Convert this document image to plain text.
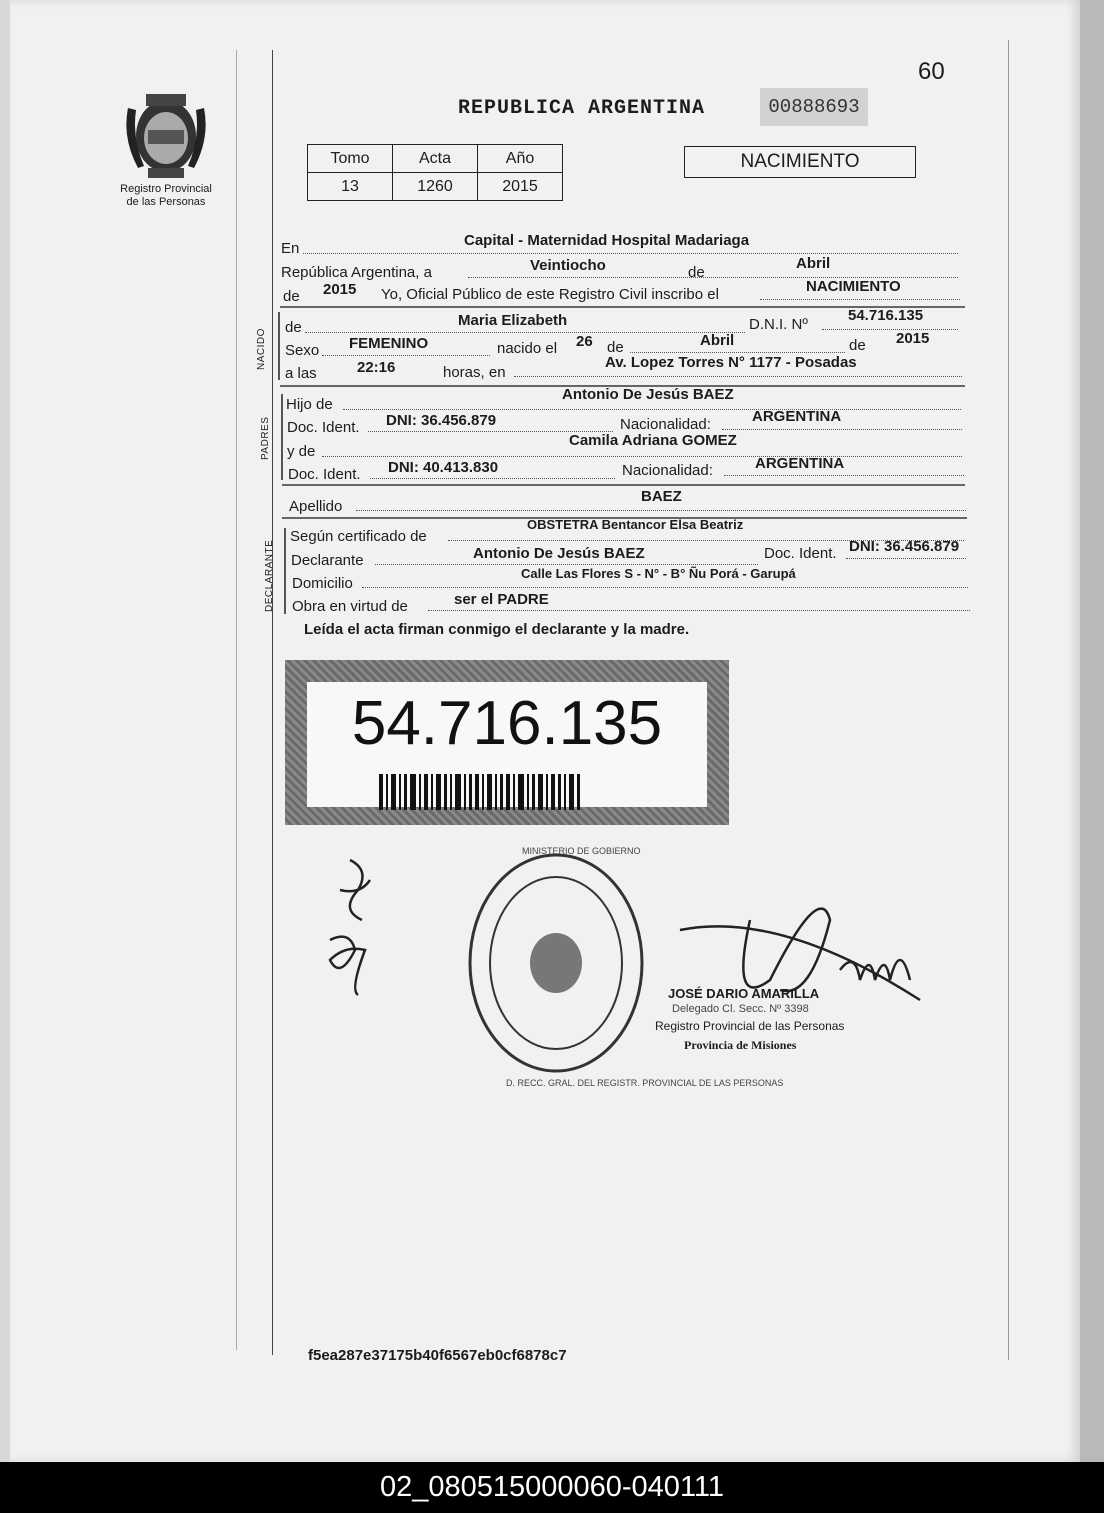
60
Registro Provincial
de las Personas
REPUBLICA ARGENTINA	00888693
Tomo	Acta	Año
13	1260	2015
NACIMIENTO
En	Capital - Maternidad Hospital Madariaga
República Argentina, a	Veintiocho	de
Abril
de 2015 Yo, Oficial Público de este Registro Civil inscribo el	NACIMIENTO
NACIDO
de	Maria Elizabeth	D.N.I. Nº
54.716.135
Sexo FEMENINO	nacido el 26 de	Abril	de 2015
a las	22:16	horas, en
Av. Lopez Torres N° 1177 - Posadas
PADRES
Hijo de
Antonio De Jesús BAEZ
Doc. Ident. DNI: 36.456.879	Nacionalidad:	ARGENTINA
y de
Camila Adriana GOMEZ
Doc. Ident. DNI: 40.413.830	Nacionalidad:	ARGENTINA
Apellido
BAEZ
DECLARANTE
Según certificado de
OBSTETRA Bentancor Elsa Beatriz
Declarante	Antonio De Jesús BAEZ	Doc. Ident. DNI: 36.456.879
Domicilio
Calle Las Flores S - N° - B° Ñu Porá - Garupá
Obra en virtud de	ser el PADRE
Leída el acta firman conmigo el declarante y la madre.
54.716.135
D. RECC. GRAL. DEL REGISTR. PROVINCIAL DE LAS PERSONAS
MINISTERIO DE GOBIERNO
JOSÉ DARIO AMARILLA
Delegado Cl. Secc. Nº 3398
Registro Provincial de las Personas
Provincia de Misiones
f5ea287e37175b40f6567eb0cf6878c7
02_080515000060-040111
